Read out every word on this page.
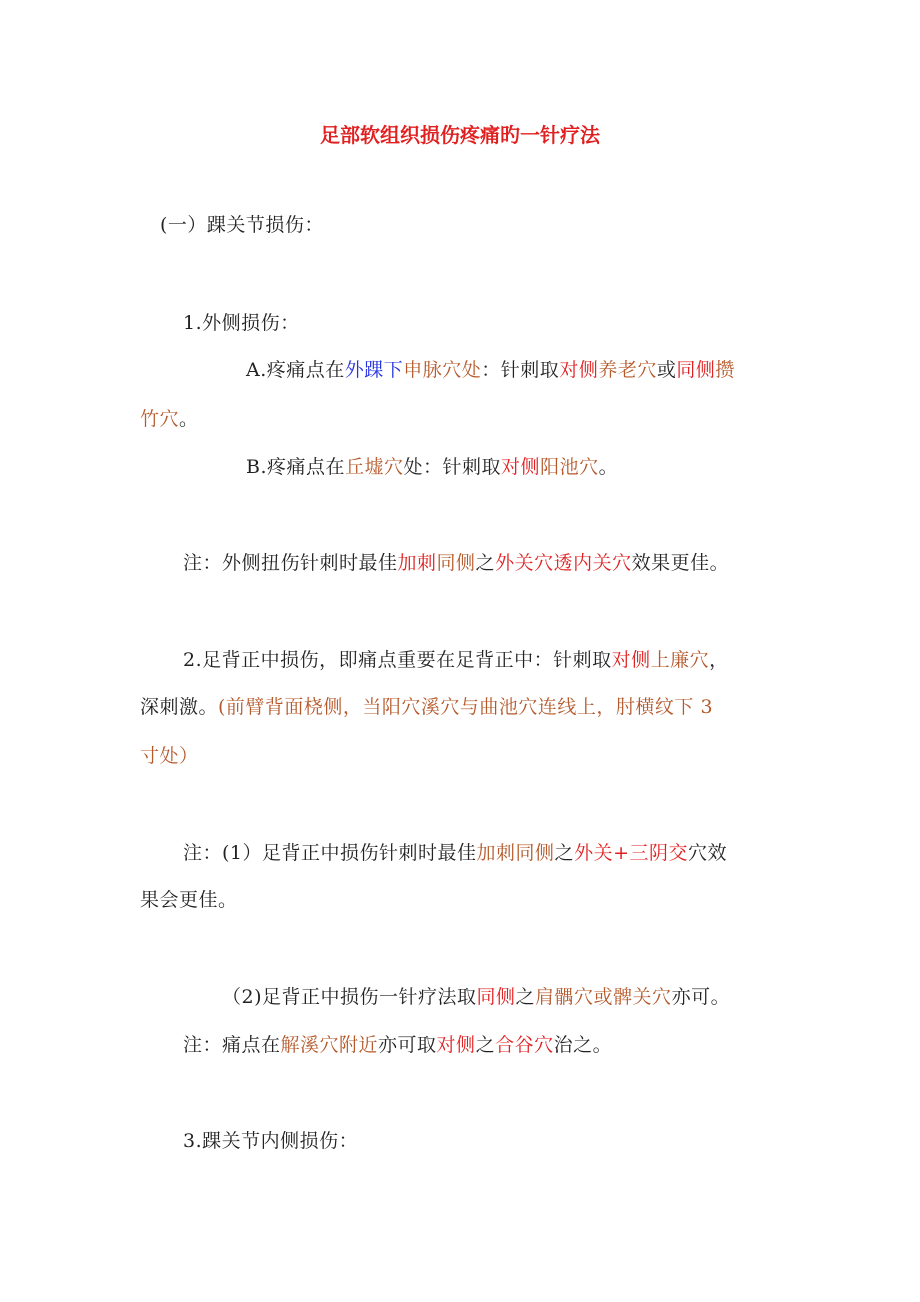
足部软组织损伤疼痛旳一针疗法
(一）踝关节损伤：
1.外侧损伤：
A.疼痛点在外踝下申脉穴处：针刺取对侧养老穴或同侧攒
竹穴。
B.疼痛点在丘墟穴处：针刺取对侧阳池穴。
注：外侧扭伤针刺时最佳加刺同侧之外关穴透内关穴效果更佳。
2.足背正中损伤，即痛点重要在足背正中：针刺取对侧上廉穴，
深刺激。(前臂背面桡侧，当阳穴溪穴与曲池穴连线上，肘横纹下 3
寸处）
注：(1）足背正中损伤针刺时最佳加刺同侧之外关+三阴交穴效
果会更佳。
（2)足背正中损伤一针疗法取同侧之肩髃穴或髀关穴亦可。
注：痛点在解溪穴附近亦可取对侧之合谷穴治之。
3.踝关节内侧损伤：
